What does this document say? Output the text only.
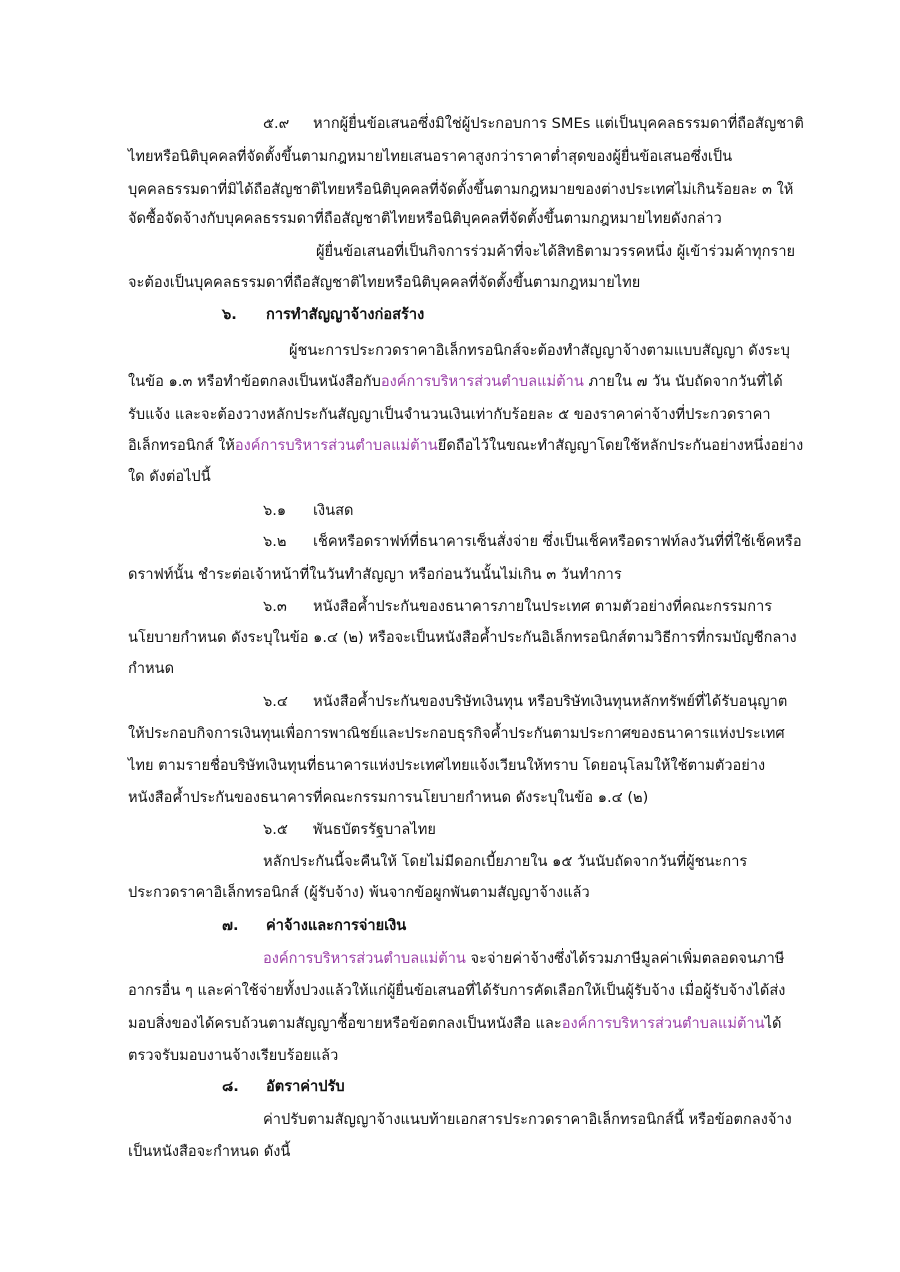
๕.๙ หากผู้ยื่นข้อเสนอซึ่งมิใช่ผู้ประกอบการ SMEs แต่เป็นบุคคลธรรมดาที่ถือสัญชาติ
ไทยหรือนิติบุคคลที่จัดตั้งขึ้นตามกฎหมายไทยเสนอราคาสูงกว่าราคาต่ำสุดของผู้ยื่นข้อเสนอซึ่งเป็น
บุคคลธรรมดาที่มิได้ถือสัญชาติไทยหรือนิติบุคคลที่จัดตั้งขึ้นตามกฎหมายของต่างประเทศไม่เกินร้อยละ ๓ ให้
จัดซื้อจัดจ้างกับบุคคลธรรมดาที่ถือสัญชาติไทยหรือนิติบุคคลที่จัดตั้งขึ้นตามกฎหมายไทยดังกล่าว
ผู้ยื่นข้อเสนอที่เป็นกิจการร่วมค้าที่จะได้สิทธิตามวรรคหนึ่ง ผู้เข้าร่วมค้าทุกราย
จะต้องเป็นบุคคลธรรมดาที่ถือสัญชาติไทยหรือนิติบุคคลที่จัดตั้งขึ้นตามกฎหมายไทย
๖. การทำสัญญาจ้างก่อสร้าง
ผู้ชนะการประกวดราคาอิเล็กทรอนิกส์จะต้องทำสัญญาจ้างตามแบบสัญญา ดังระบุ
ในข้อ ๑.๓ หรือทำข้อตกลงเป็นหนังสือกับองค์การบริหารส่วนตำบลแม่ต้าน ภายใน ๗ วัน นับถัดจากวันที่ได้
รับแจ้ง และจะต้องวางหลักประกันสัญญาเป็นจำนวนเงินเท่ากับร้อยละ ๕ ของราคาค่าจ้างที่ประกวดราคา
อิเล็กทรอนิกส์ ให้องค์การบริหารส่วนตำบลแม่ต้านยึดถือไว้ในขณะทำสัญญาโดยใช้หลักประกันอย่างหนึ่งอย่าง
ใด ดังต่อไปนี้
๖.๑ เงินสด
๖.๒ เช็คหรือดราฟท์ที่ธนาคารเซ็นสั่งจ่าย ซึ่งเป็นเช็คหรือดราฟท์ลงวันที่ที่ใช้เช็คหรือ
ดราฟท์นั้น ชำระต่อเจ้าหน้าที่ในวันทำสัญญา หรือก่อนวันนั้นไม่เกิน ๓ วันทำการ
๖.๓ หนังสือค้ำประกันของธนาคารภายในประเทศ ตามตัวอย่างที่คณะกรรมการ
นโยบายกำหนด ดังระบุในข้อ ๑.๔ (๒) หรือจะเป็นหนังสือค้ำประกันอิเล็กทรอนิกส์ตามวิธีการที่กรมบัญชีกลาง
กำหนด
๖.๔ หนังสือค้ำประกันของบริษัทเงินทุน หรือบริษัทเงินทุนหลักทรัพย์ที่ได้รับอนุญาต
ให้ประกอบกิจการเงินทุนเพื่อการพาณิชย์และประกอบธุรกิจค้ำประกันตามประกาศของธนาคารแห่งประเทศ
ไทย ตามรายชื่อบริษัทเงินทุนที่ธนาคารแห่งประเทศไทยแจ้งเวียนให้ทราบ โดยอนุโลมให้ใช้ตามตัวอย่าง
หนังสือค้ำประกันของธนาคารที่คณะกรรมการนโยบายกำหนด ดังระบุในข้อ ๑.๔ (๒)
๖.๕ พันธบัตรรัฐบาลไทย
หลักประกันนี้จะคืนให้ โดยไม่มีดอกเบี้ยภายใน ๑๕ วันนับถัดจากวันที่ผู้ชนะการ
ประกวดราคาอิเล็กทรอนิกส์ (ผู้รับจ้าง) พ้นจากข้อผูกพันตามสัญญาจ้างแล้ว
๗. ค่าจ้างและการจ่ายเงิน
องค์การบริหารส่วนตำบลแม่ต้าน จะจ่ายค่าจ้างซึ่งได้รวมภาษีมูลค่าเพิ่มตลอดจนภาษี
อากรอื่น ๆ และค่าใช้จ่ายทั้งปวงแล้วให้แก่ผู้ยื่นข้อเสนอที่ได้รับการคัดเลือกให้เป็นผู้รับจ้าง เมื่อผู้รับจ้างได้ส่ง
มอบสิ่งของได้ครบถ้วนตามสัญญาซื้อขายหรือข้อตกลงเป็นหนังสือ และองค์การบริหารส่วนตำบลแม่ต้านได้
ตรวจรับมอบงานจ้างเรียบร้อยแล้ว
๘. อัตราค่าปรับ
ค่าปรับตามสัญญาจ้างแนบท้ายเอกสารประกวดราคาอิเล็กทรอนิกส์นี้ หรือข้อตกลงจ้าง
เป็นหนังสือจะกำหนด ดังนี้
